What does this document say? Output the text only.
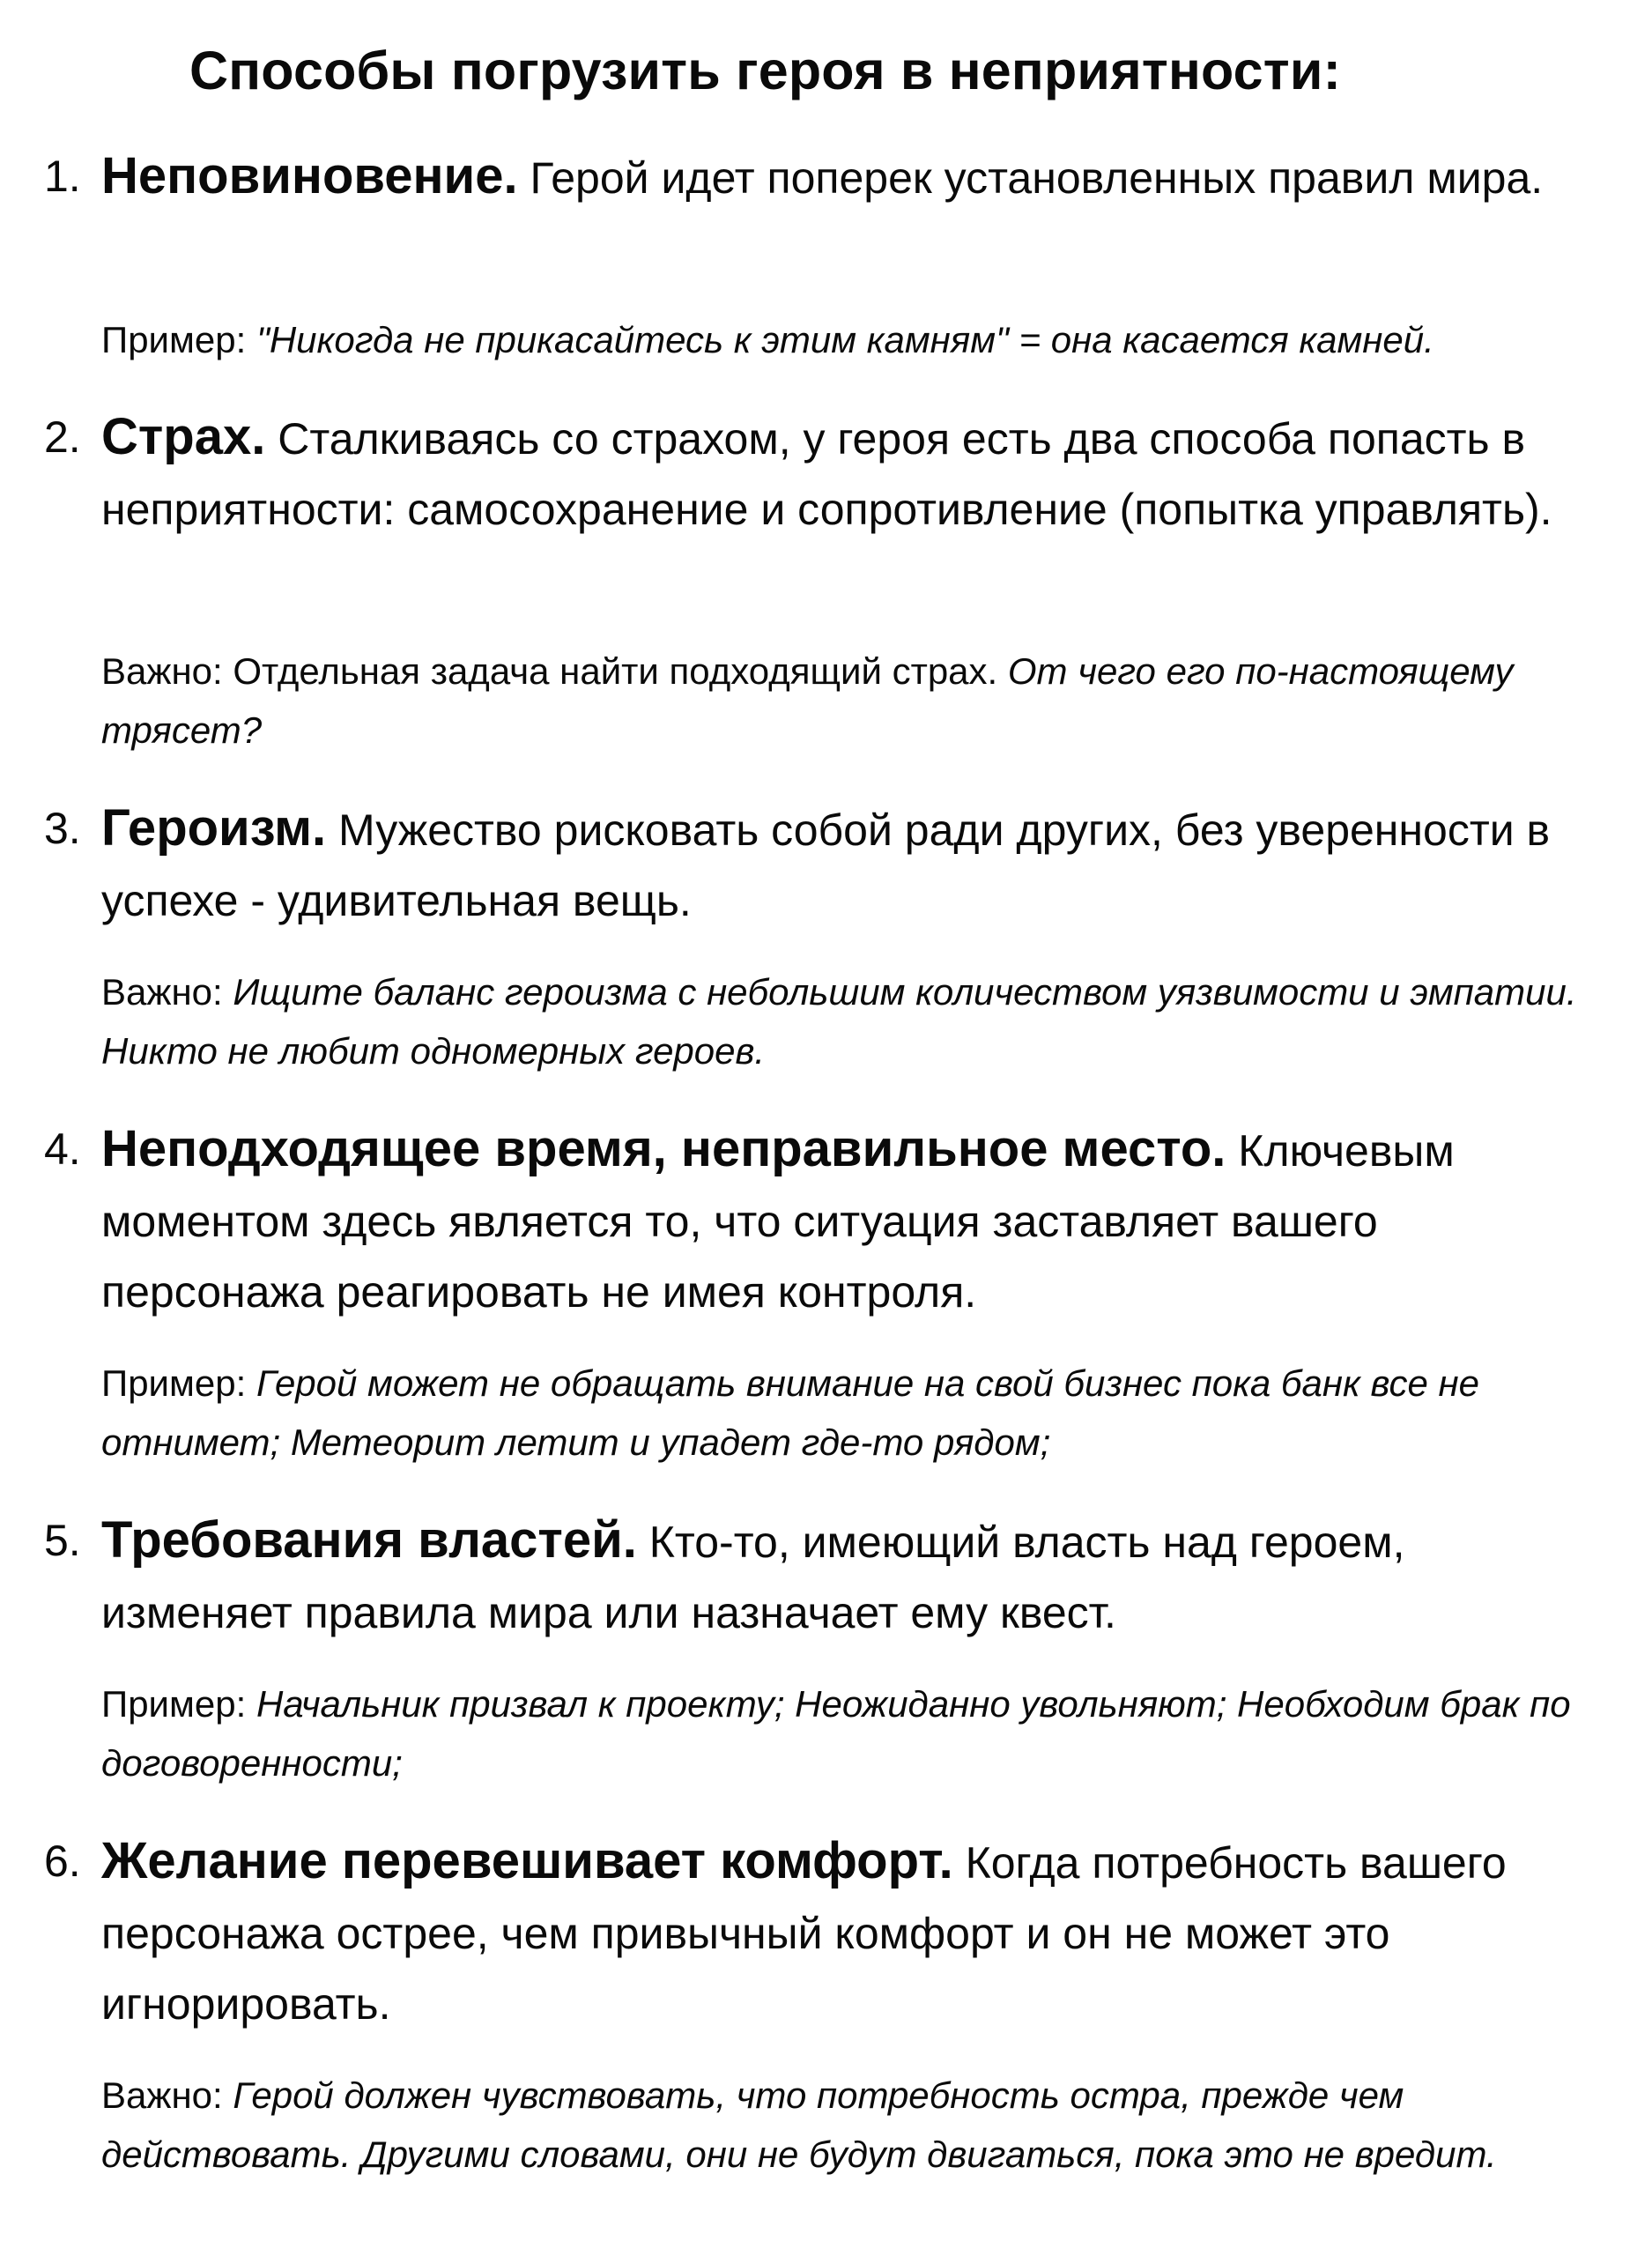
Способы погрузить героя в неприятности:
1. Неповиновение. Герой идет поперек установленных правил мира.
Пример: "Никогда не прикасайтесь к этим камням" = она касается камней.
2. Страх. Сталкиваясь со страхом, у героя есть два способа попасть в неприятности: самосохранение и сопротивление (попытка управлять).
Важно: Отдельная задача найти подходящий страх. От чего его по-настоящему трясет?
3. Героизм. Мужество рисковать собой ради других, без уверенности в успехе - удивительная вещь.
Важно: Ищите баланс героизма с небольшим количеством уязвимости и эмпатии. Никто не любит одномерных героев.
4. Неподходящее время, неправильное место. Ключевым моментом здесь является то, что ситуация заставляет вашего персонажа реагировать не имея контроля.
Пример: Герой может не обращать внимание на свой бизнес пока банк все не отнимет; Метеорит летит и упадет где-то рядом;
5. Требования властей. Кто-то, имеющий власть над героем, изменяет правила мира или назначает ему квест.
Пример: Начальник призвал к проекту; Неожиданно увольняют; Необходим брак по договоренности;
6. Желание перевешивает комфорт. Когда потребность вашего персонажа острее, чем привычный комфорт и он не может это игнорировать.
Важно: Герой должен чувствовать, что потребность остра, прежде чем действовать. Другими словами, они не будут двигаться, пока это не вредит.
